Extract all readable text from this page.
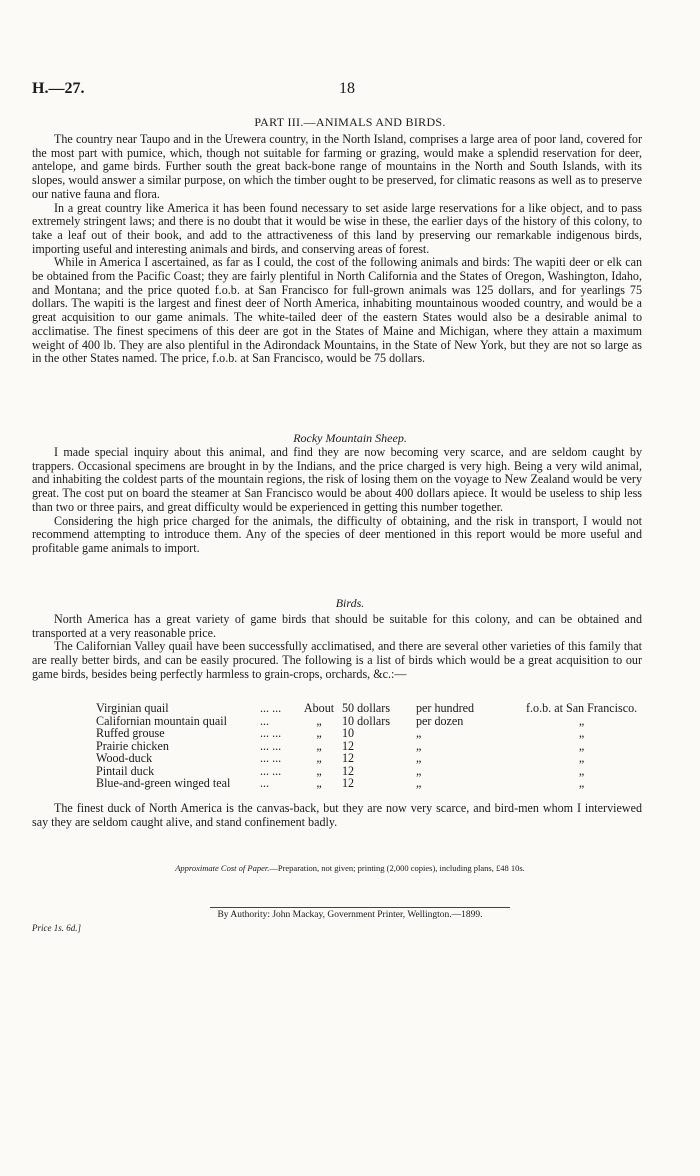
H.—27.	18
PART III.—ANIMALS AND BIRDS.

The country near Taupo and in the Urewera country, in the North Island, comprises a large area of poor land, covered for the most part with pumice, which, though not suitable for farming or grazing, would make a splendid reservation for deer, antelope, and game birds. Further south the great back-bone range of mountains in the North and South Islands, with its slopes, would answer a similar purpose, on which the timber ought to be preserved, for climatic reasons as well as to preserve our native fauna and flora.

In a great country like America it has been found necessary to set aside large reservations for a like object, and to pass extremely stringent laws; and there is no doubt that it would be wise in these, the earlier days of the history of this colony, to take a leaf out of their book, and add to the attractiveness of this land by preserving our remarkable indigenous birds, importing useful and interesting animals and birds, and conserving areas of forest.

While in America I ascertained, as far as I could, the cost of the following animals and birds: The wapiti deer or elk can be obtained from the Pacific Coast; they are fairly plentiful in North California and the States of Oregon, Washington, Idaho, and Montana; and the price quoted f.o.b. at San Francisco for full-grown animals was 125 dollars, and for yearlings 75 dollars. The wapiti is the largest and finest deer of North America, inhabiting mountainous wooded country, and would be a great acquisition to our game animals. The white-tailed deer of the eastern States would also be a desirable animal to acclimatise. The finest specimens of this deer are got in the States of Maine and Michigan, where they attain a maximum weight of 400 lb. They are also plentiful in the Adirondack Mountains, in the State of New York, but they are not so large as in the other States named. The price, f.o.b. at San Francisco, would be 75 dollars.

Rocky Mountain Sheep.

I made special inquiry about this animal, and find they are now becoming very scarce, and are seldom caught by trappers. Occasional specimens are brought in by the Indians, and the price charged is very high. Being a very wild animal, and inhabiting the coldest parts of the mountain regions, the risk of losing them on the voyage to New Zealand would be very great. The cost put on board the steamer at San Francisco would be about 400 dollars apiece. It would be useless to ship less than two or three pairs, and great difficulty would be experienced in getting this number together.

Considering the high price charged for the animals, the difficulty of obtaining, and the risk in transport, I would not recommend attempting to introduce them. Any of the species of deer mentioned in this report would be more useful and profitable game animals to import.

Birds.

North America has a great variety of game birds that should be suitable for this colony, and can be obtained and transported at a very reasonable price.

The Californian Valley quail have been successfully acclimatised, and there are several other varieties of this family that are really better birds, and can be easily procured. The following is a list of birds which would be a great acquisition to our game birds, besides being perfectly harmless to grain-crops, orchards, &c.:—

Virginian quail	... ...	About	50 dollars	per hundred	f.o.b. at San Francisco.
Californian mountain quail	...	„	10 dollars	per dozen	„
Ruffed grouse	... ...	„	10	„	„
Prairie chicken	... ...	„	12	„	„
Wood-duck	... ...	„	12	„	„
Pintail duck	... ...	„	12	„	„
Blue-and-green winged teal	...	„	12	„	„

The finest duck of North America is the canvas-back, but they are now very scarce, and bird-men whom I interviewed say they are seldom caught alive, and stand confinement badly.

Approximate Cost of Paper.—Preparation, not given; printing (2,000 copies), including plans, £48 10s.
By Authority: John Mackay, Government Printer, Wellington.—1899.
Price 1s. 6d.]
